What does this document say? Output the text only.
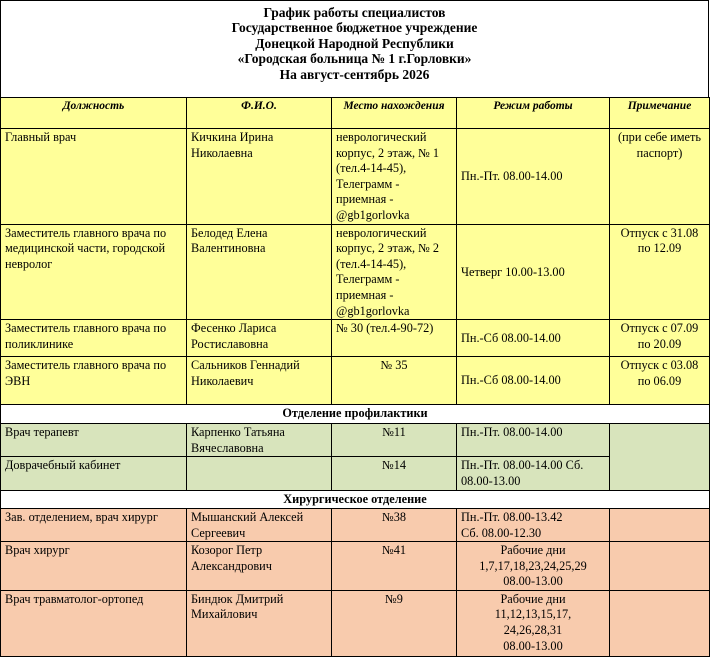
График работы специалистов
Государственное бюджетное учреждение
Донецкой Народной Республики
«Городская больница № 1 г.Горловки»
На август-сентябрь 2026
Должность	Ф.И.О.	Место нахождения	Режим работы	Примечание
Главный врач	Кичкина Ирина Николаевна	неврологический корпус, 2 этаж, № 1 (тел.4-14-45), Телеграмм - приемная - @gb1gorlovka	Пн.-Пт. 08.00-14.00	(при себе иметь паспорт)
Заместитель главного врача по медицинской части, городской невролог	Белодед Елена Валентиновна	неврологический корпус, 2 этаж, № 2 (тел.4-14-45), Телеграмм - приемная - @gb1gorlovka	Четверг 10.00-13.00	Отпуск с 31.08 по 12.09
Заместитель главного врача по поликлинике	Фесенко Лариса Ростиславовна	№ 30 (тел.4-90-72)	Пн.-Сб 08.00-14.00	Отпуск с 07.09 по 20.09
Заместитель главного врача по ЭВН	Сальников Геннадий Николаевич	№ 35	Пн.-Сб 08.00-14.00	Отпуск с 03.08 по 06.09
Отделение профилактики				
Врач терапевт	Карпенко Татьяна Вячеславовна	№11	Пн.-Пт. 08.00-14.00	
Доврачебный кабинет		№14	Пн.-Пт. 08.00-14.00 Сб. 08.00-13.00	
Хирургическое отделение				
Зав. отделением, врач хирург	Мышанский Алексей Сергеевич	№38	Пн.-Пт. 08.00-13.42
Сб. 08.00-12.30	

Врач хирург	Козорог Петр Александрович	№41	Рабочие дни
1,7,17,18,23,24,25,29
08.00-13.00	

Врач травматолог-ортопед	Биндюк Дмитрий Михайлович	№9	Рабочие дни
11,12,13,15,17,
24,26,28,31
08.00-13.00	
